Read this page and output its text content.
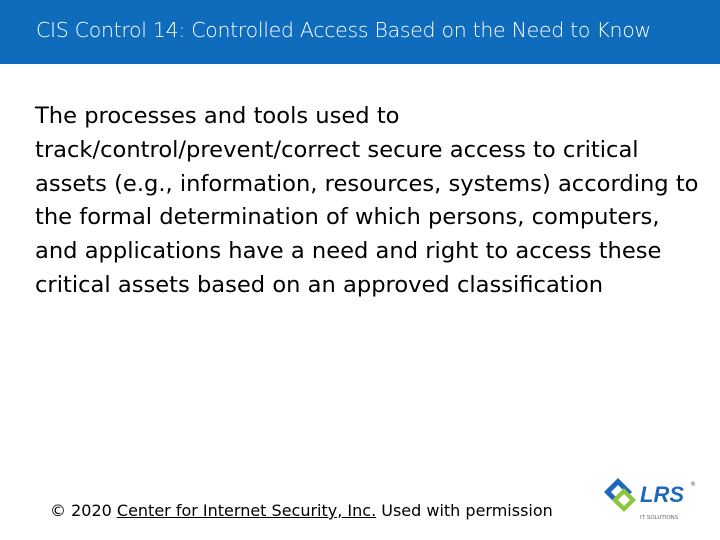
CIS Control 14: Controlled Access Based on the Need to Know
The processes and tools used to track/control/prevent/correct secure access to critical assets (e.g., information, resources, systems) according to the formal determination of which persons, computers, and applications have a need and right to access these critical assets based on an approved classification
© 2020 Center for Internet Security, Inc. Used with permission
LRS ®
IT SOLUTIONS
